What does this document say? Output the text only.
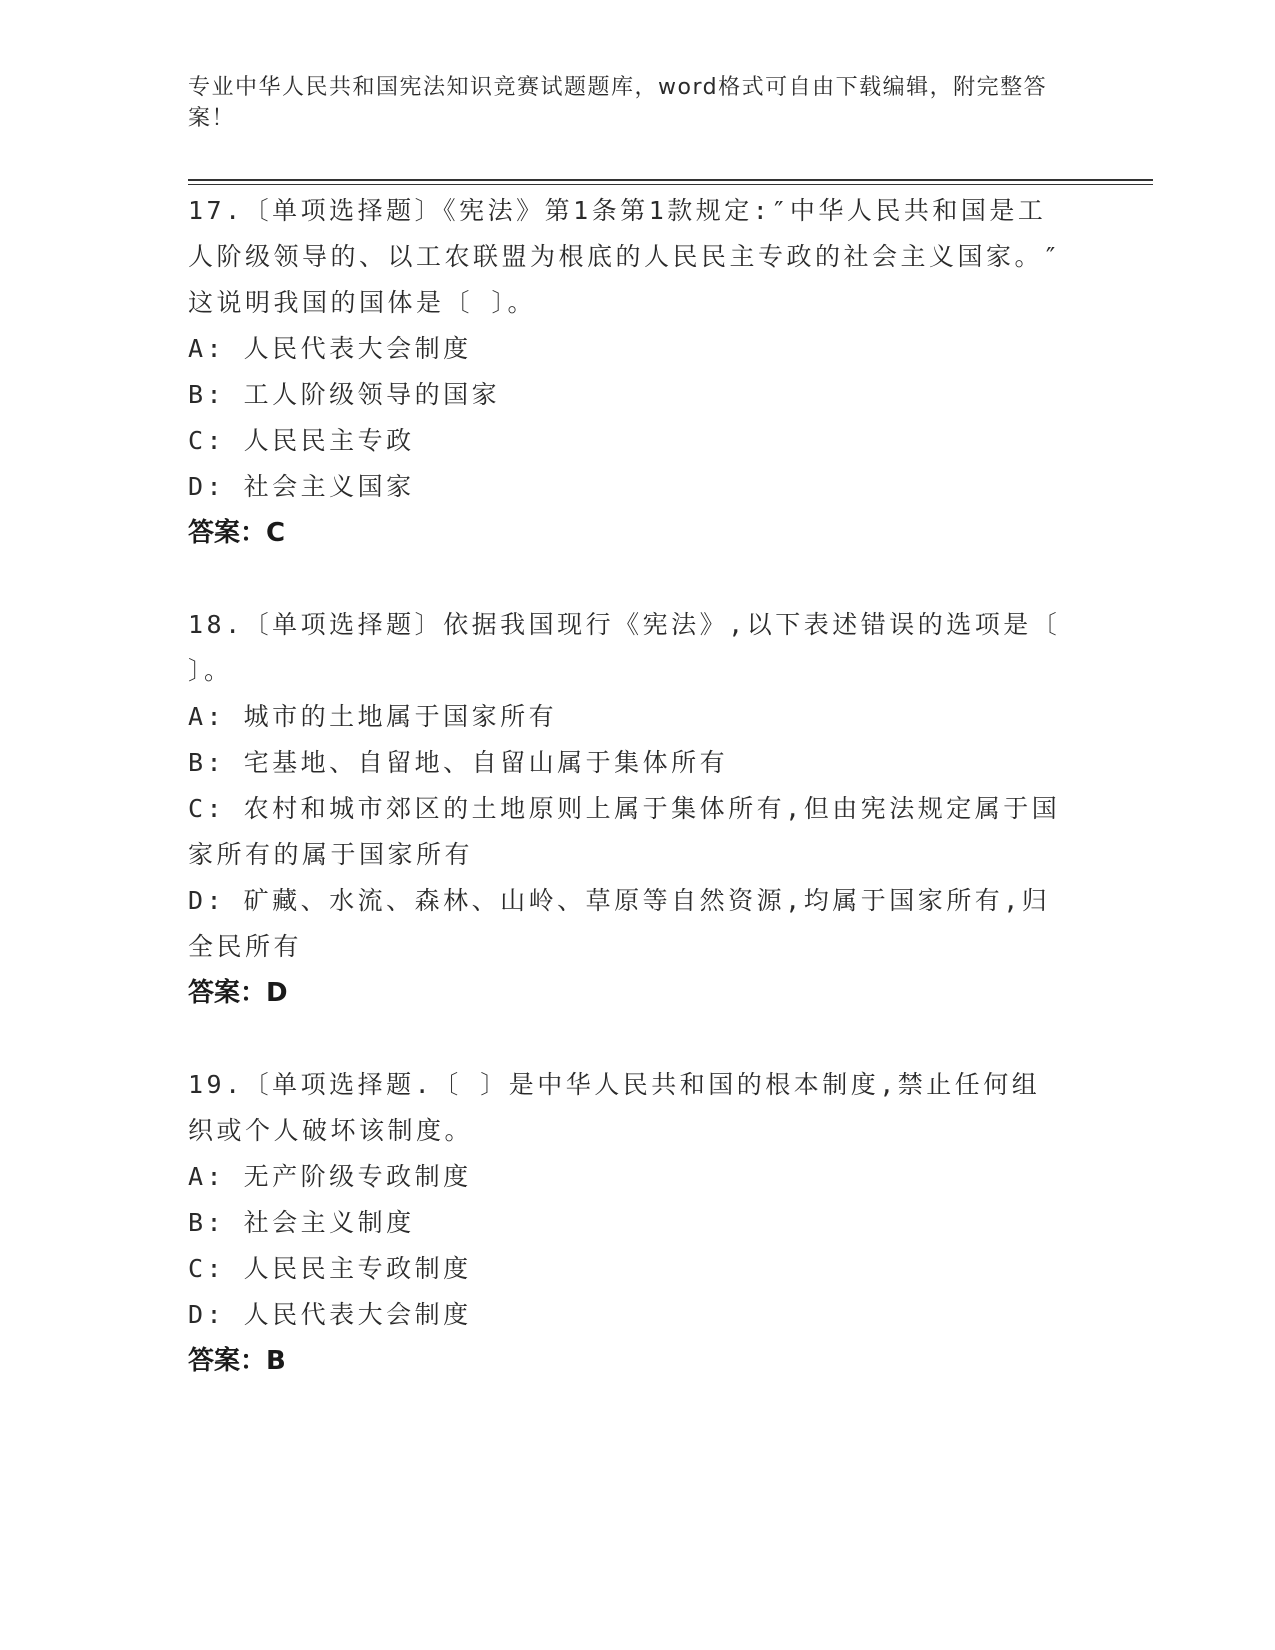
专业中华人民共和国宪法知识竞赛试题题库，word格式可自由下载编辑，附完整答案！

17.〔单项选择题〕《宪法》第1条第1款规定:″中华人民共和国是工人阶级领导的、以工农联盟为根底的人民民主专政的社会主义国家。″这说明我国的国体是〔 〕。

A: 人民代表大会制度

B: 工人阶级领导的国家

C: 人民民主专政

D: 社会主义国家

答案：C

18.〔单项选择题〕依据我国现行《宪法》,以下表述错误的选项是〔 〕。

A: 城市的土地属于国家所有

B: 宅基地、自留地、自留山属于集体所有

C: 农村和城市郊区的土地原则上属于集体所有,但由宪法规定属于国家所有的属于国家所有

D: 矿藏、水流、森林、山岭、草原等自然资源,均属于国家所有,归全民所有

答案：D

19.〔单项选择题.〔 〕是中华人民共和国的根本制度,禁止任何组织或个人破坏该制度。

A: 无产阶级专政制度

B: 社会主义制度

C: 人民民主专政制度

D: 人民代表大会制度

答案：B
